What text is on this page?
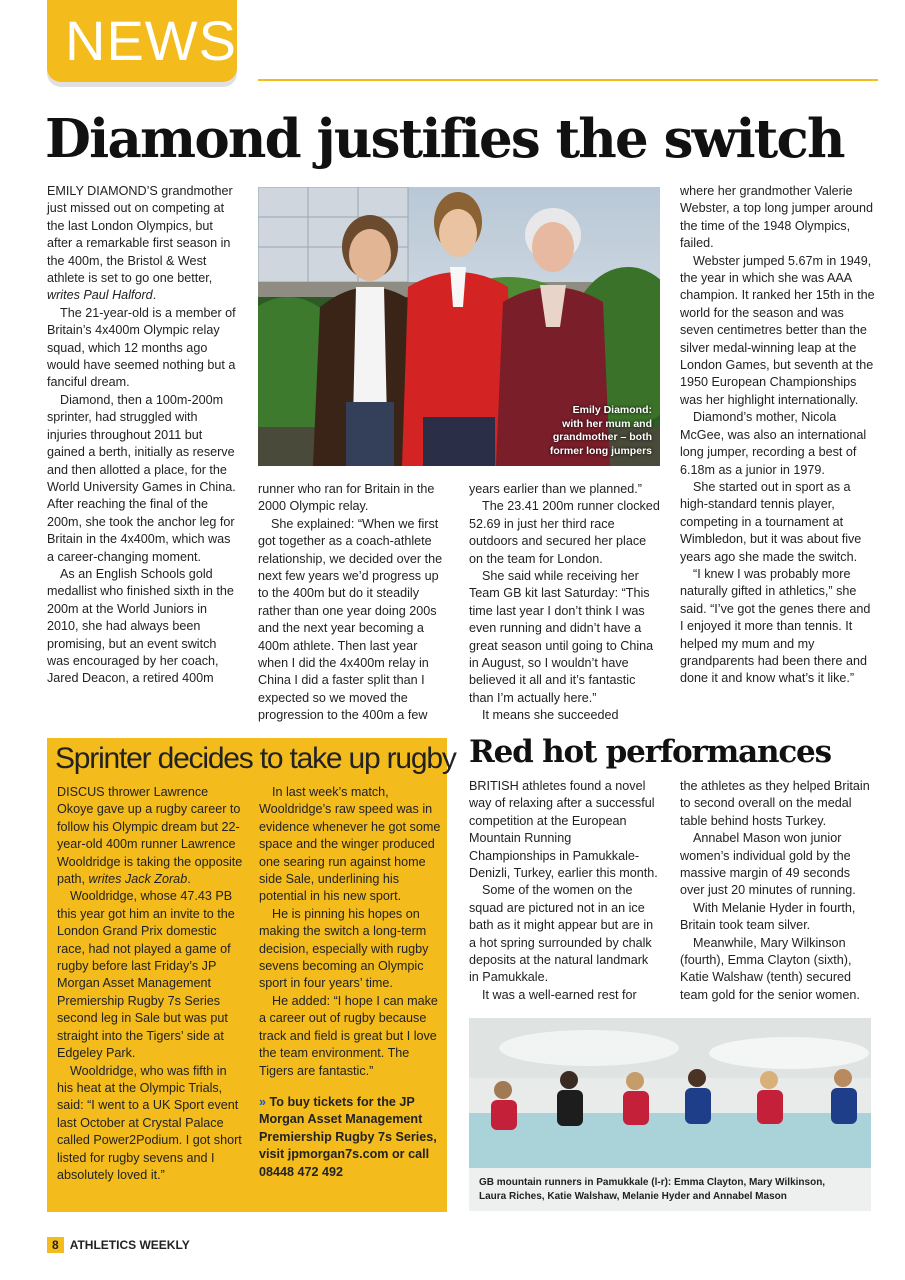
NEWS
Diamond justifies the switch

EMILY DIAMOND’S grandmother just missed out on competing at the last London Olympics, but after a remarkable first season in the 400m, the Bristol & West athlete is set to go one better, writes Paul Halford.

The 21-year-old is a member of Britain’s 4x400m Olympic relay squad, which 12 months ago would have seemed nothing but a fanciful dream.

Diamond, then a 100m-200m sprinter, had struggled with injuries throughout 2011 but gained a berth, initially as reserve and then allotted a place, for the World University Games in China. After reaching the final of the 200m, she took the anchor leg for Britain in the 4x400m, which was a career-changing moment.

As an English Schools gold medallist who finished sixth in the 200m at the World Juniors in 2010, she had always been promising, but an event switch was encouraged by her coach, Jared Deacon, a retired 400m

Emily Diamond:
with her mum and
grandmother – both
former long jumpers

runner who ran for Britain in the 2000 Olympic relay.

She explained: “When we first got together as a coach-athlete relationship, we decided over the next few years we’d progress up to the 400m but do it steadily rather than one year doing 200s and the next year becoming a 400m athlete. Then last year when I did the 4x400m relay in China I did a faster split than I expected so we moved the progression to the 400m a few

years earlier than we planned.”

The 23.41 200m runner clocked 52.69 in just her third race outdoors and secured her place on the team for London.

She said while receiving her Team GB kit last Saturday: “This time last year I don’t think I was even running and didn’t have a great season until going to China in August, so I wouldn’t have believed it all and it’s fantastic than I’m actually here.”

It means she succeeded

where her grandmother Valerie Webster, a top long jumper around the time of the 1948 Olympics, failed.

Webster jumped 5.67m in 1949, the year in which she was AAA champion. It ranked her 15th in the world for the season and was seven centimetres better than the silver medal-winning leap at the London Games, but seventh at the 1950 European Championships was her highlight internationally.

Diamond’s mother, Nicola McGee, was also an international long jumper, recording a best of 6.18m as a junior in 1979.

She started out in sport as a high-standard tennis player, competing in a tournament at Wimbledon, but it was about five years ago she made the switch.

“I knew I was probably more naturally gifted in athletics,” she said. “I’ve got the genes there and I enjoyed it more than tennis. It helped my mum and my grandparents had been there and done it and know what’s it like.”

Sprinter decides to take up rugby

DISCUS thrower Lawrence Okoye gave up a rugby career to follow his Olympic dream but 22-year-old 400m runner Lawrence Wooldridge is taking the opposite path, writes Jack Zorab.

Wooldridge, whose 47.43 PB this year got him an invite to the London Grand Prix domestic race, had not played a game of rugby before last Friday’s JP Morgan Asset Management Premiership Rugby 7s Series second leg in Sale but was put straight into the Tigers’ side at Edgeley Park.

Wooldridge, who was fifth in his heat at the Olympic Trials, said: “I went to a UK Sport event last October at Crystal Palace called Power2Podium. I got short listed for rugby sevens and I absolutely loved it.”

In last week’s match, Wooldridge’s raw speed was in evidence whenever he got some space and the winger produced one searing run against home side Sale, underlining his potential in his new sport.

He is pinning his hopes on making the switch a long-term decision, especially with rugby sevens becoming an Olympic sport in four years’ time.

He added: “I hope I can make a career out of rugby because track and field is great but I love the team environment. The Tigers are fantastic.”

» To buy tickets for the JP Morgan Asset Management Premiership Rugby 7s Series, visit jpmorgan7s.com or call 08448 472 492

Red hot performances

BRITISH athletes found a novel way of relaxing after a successful competition at the European Mountain Running Championships in Pamukkale-Denizli, Turkey, earlier this month.

Some of the women on the squad are pictured not in an ice bath as it might appear but are in a hot spring surrounded by chalk deposits at the natural landmark in Pamukkale.

It was a well-earned rest for

the athletes as they helped Britain to second overall on the medal table behind hosts Turkey.

Annabel Mason won junior women’s individual gold by the massive margin of 49 seconds over just 20 minutes of running.

With Melanie Hyder in fourth, Britain took team silver.

Meanwhile, Mary Wilkinson (fourth), Emma Clayton (sixth), Katie Walshaw (tenth) secured team gold for the senior women.

GB mountain runners in Pamukkale (l-r): Emma Clayton, Mary Wilkinson,
Laura Riches, Katie Walshaw, Melanie Hyder and Annabel Mason
8 ATHLETICS WEEKLY
